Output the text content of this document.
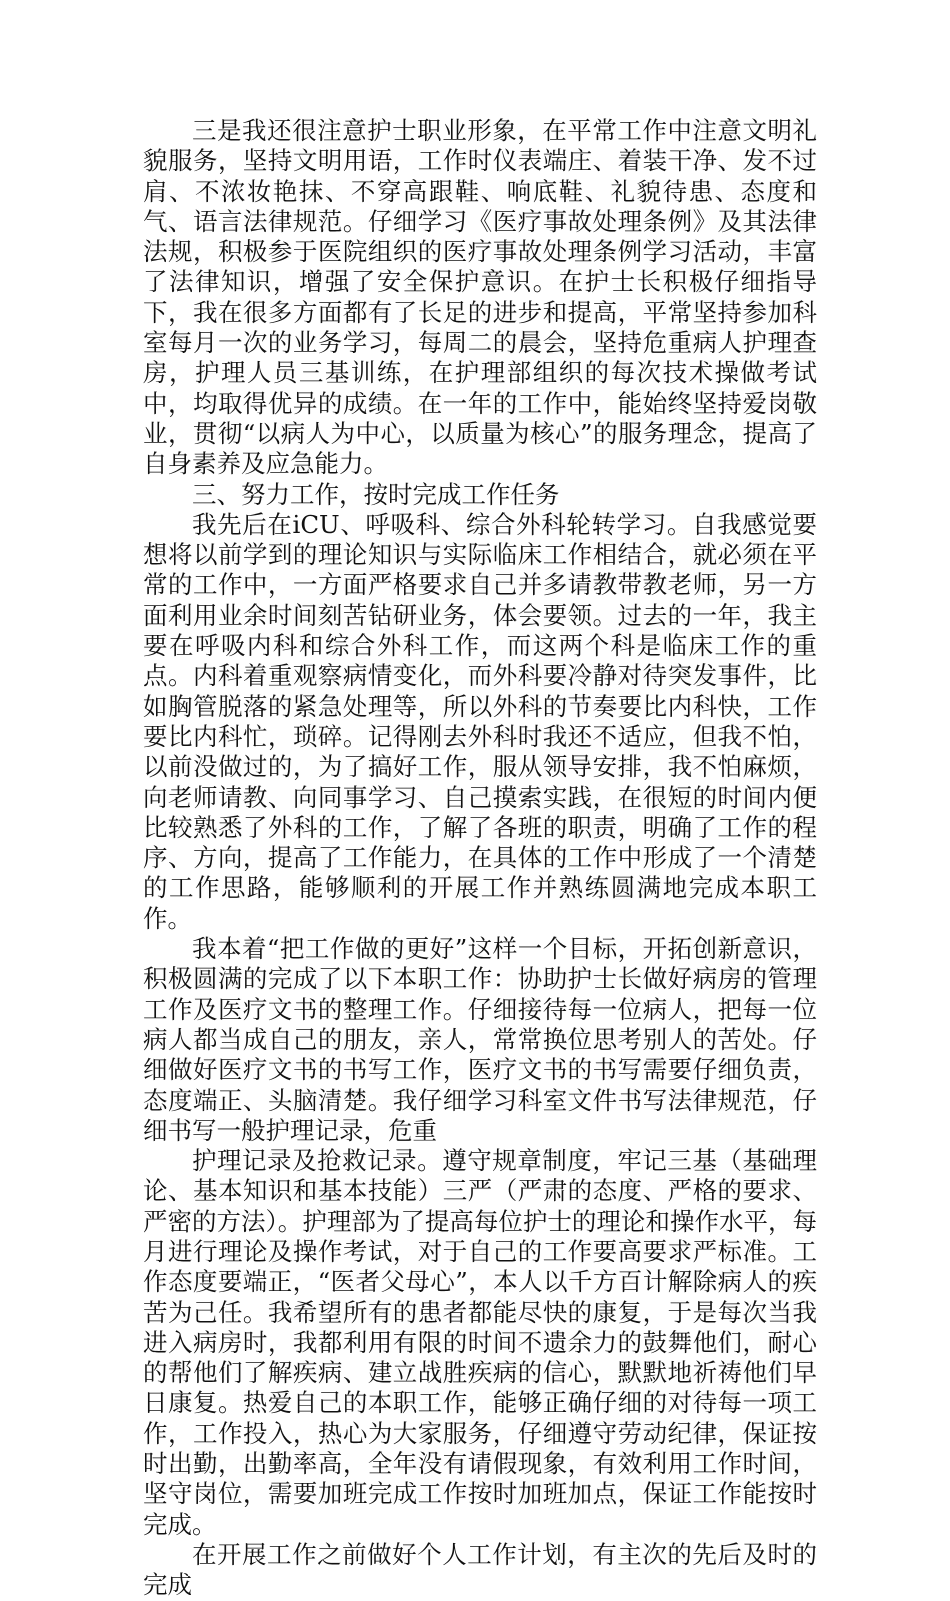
三是我还很注意护士职业形象，在平常工作中注意文明礼貌服务，坚持文明用语，工作时仪表端庄、着装干净、发不过肩、不浓妆艳抹、不穿高跟鞋、响底鞋、礼貌待患、态度和气、语言法律规范。仔细学习《医疗事故处理条例》及其法律法规，积极参于医院组织的医疗事故处理条例学习活动，丰富了法律知识，增强了安全保护意识。在护士长积极仔细指导下，我在很多方面都有了长足的进步和提高，平常坚持参加科室每月一次的业务学习，每周二的晨会，坚持危重病人护理查房，护理人员三基训练，在护理部组织的每次技术操做考试中，均取得优异的成绩。在一年的工作中，能始终坚持爱岗敬业，贯彻“以病人为中心，以质量为核心”的服务理念，提高了自身素养及应急能力。

三、努力工作，按时完成工作任务

我先后在iCU、呼吸科、综合外科轮转学习。自我感觉要想将以前学到的理论知识与实际临床工作相结合，就必须在平常的工作中，一方面严格要求自己并多请教带教老师，另一方面利用业余时间刻苦钻研业务，体会要领。过去的一年，我主要在呼吸内科和综合外科工作，而这两个科是临床工作的重点。内科着重观察病情变化，而外科要冷静对待突发事件，比如胸管脱落的紧急处理等，所以外科的节奏要比内科快，工作要比内科忙，琐碎。记得刚去外科时我还不适应，但我不怕，以前没做过的，为了搞好工作，服从领导安排，我不怕麻烦，向老师请教、向同事学习、自己摸索实践，在很短的时间内便比较熟悉了外科的工作，了解了各班的职责，明确了工作的程序、方向，提高了工作能力，在具体的工作中形成了一个清楚的工作思路，能够顺利的开展工作并熟练圆满地完成本职工作。

我本着“把工作做的更好”这样一个目标，开拓创新意识，积极圆满的完成了以下本职工作：协助护士长做好病房的管理工作及医疗文书的整理工作。仔细接待每一位病人，把每一位病人都当成自己的朋友，亲人，常常换位思考别人的苦处。仔细做好医疗文书的书写工作，医疗文书的书写需要仔细负责，态度端正、头脑清楚。我仔细学习科室文件书写法律规范，仔细书写一般护理记录，危重

护理记录及抢救记录。遵守规章制度，牢记三基（基础理论、基本知识和基本技能）三严（严肃的态度、严格的要求、严密的方法）。护理部为了提高每位护士的理论和操作水平，每月进行理论及操作考试，对于自己的工作要高要求严标准。工作态度要端正，“医者父母心”，本人以千方百计解除病人的疾苦为己任。我希望所有的患者都能尽快的康复，于是每次当我进入病房时，我都利用有限的时间不遗余力的鼓舞他们，耐心的帮他们了解疾病、建立战胜疾病的信心，默默地祈祷他们早日康复。热爱自己的本职工作，能够正确仔细的对待每一项工作，工作投入，热心为大家服务，仔细遵守劳动纪律，保证按时出勤，出勤率高，全年没有请假现象，有效利用工作时间，坚守岗位，需要加班完成工作按时加班加点，保证工作能按时完成。

在开展工作之前做好个人工作计划，有主次的先后及时的完成
